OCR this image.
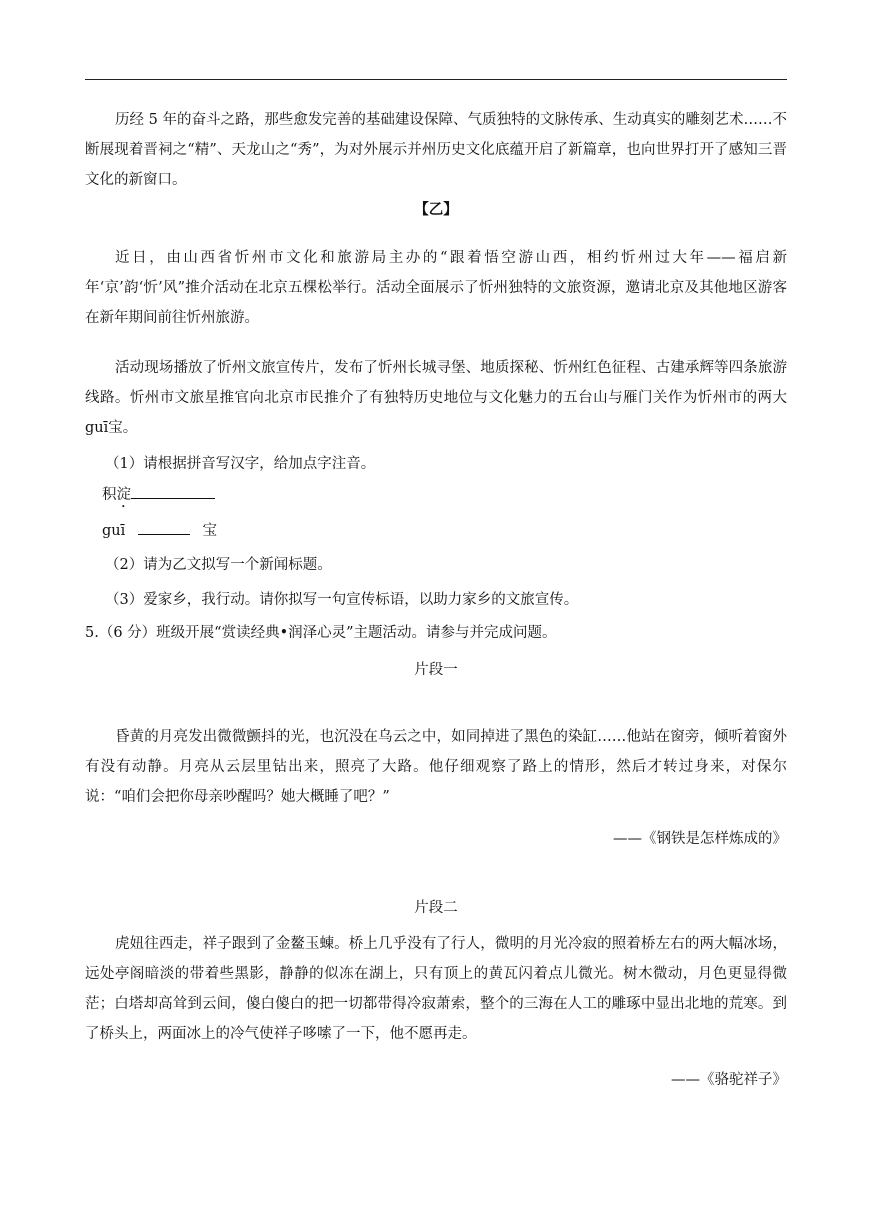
历经 5 年的奋斗之路，那些愈发完善的基础建设保障、气质独特的文脉传承、生动真实的雕刻艺术……不断展现着晋祠之“精”、天龙山之“秀”，为对外展示并州历史文化底蕴开启了新篇章，也向世界打开了感知三晋文化的新窗口。

【乙】

近日，由山西省忻州市文化和旅游局主办的“跟着悟空游山西，相约忻州过大年——福启新年‘京’韵‘忻’风”推介活动在北京五棵松举行。活动全面展示了忻州独特的文旅资源，邀请北京及其他地区游客在新年期间前往忻州旅游。

活动现场播放了忻州文旅宣传片，发布了忻州长城寻堡、地质探秘、忻州红色征程、古建承辉等四条旅游线路。忻州市文旅星推官向北京市民推介了有独特历史地位与文化魅力的五台山与雁门关作为忻州市的两大 guī宝。

（1）请根据拼音写汉字，给加点字注音。

积淀
guī	宝

（2）请为乙文拟写一个新闻标题。

（3）爱家乡，我行动。请你拟写一句宣传标语，以助力家乡的文旅宣传。

5.（6 分）班级开展“赏读经典•润泽心灵”主题活动。请参与并完成问题。

片段一

昏黄的月亮发出微微颤抖的光，也沉没在乌云之中，如同掉进了黑色的染缸……他站在窗旁，倾听着窗外有没有动静。月亮从云层里钻出来，照亮了大路。他仔细观察了路上的情形，然后才转过身来，对保尔说：“咱们会把你母亲吵醒吗？她大概睡了吧？”

——《钢铁是怎样炼成的》

片段二

虎妞往西走，祥子跟到了金鳌玉蝀。桥上几乎没有了行人，微明的月光冷寂的照着桥左右的两大幅冰场，远处亭阁暗淡的带着些黑影，静静的似冻在湖上，只有顶上的黄瓦闪着点儿微光。树木微动，月色更显得微茫；白塔却高耸到云间，傻白傻白的把一切都带得冷寂萧索，整个的三海在人工的雕琢中显出北地的荒寒。到了桥头上，两面冰上的冷气使祥子哆嗦了一下，他不愿再走。

——《骆驼祥子》
